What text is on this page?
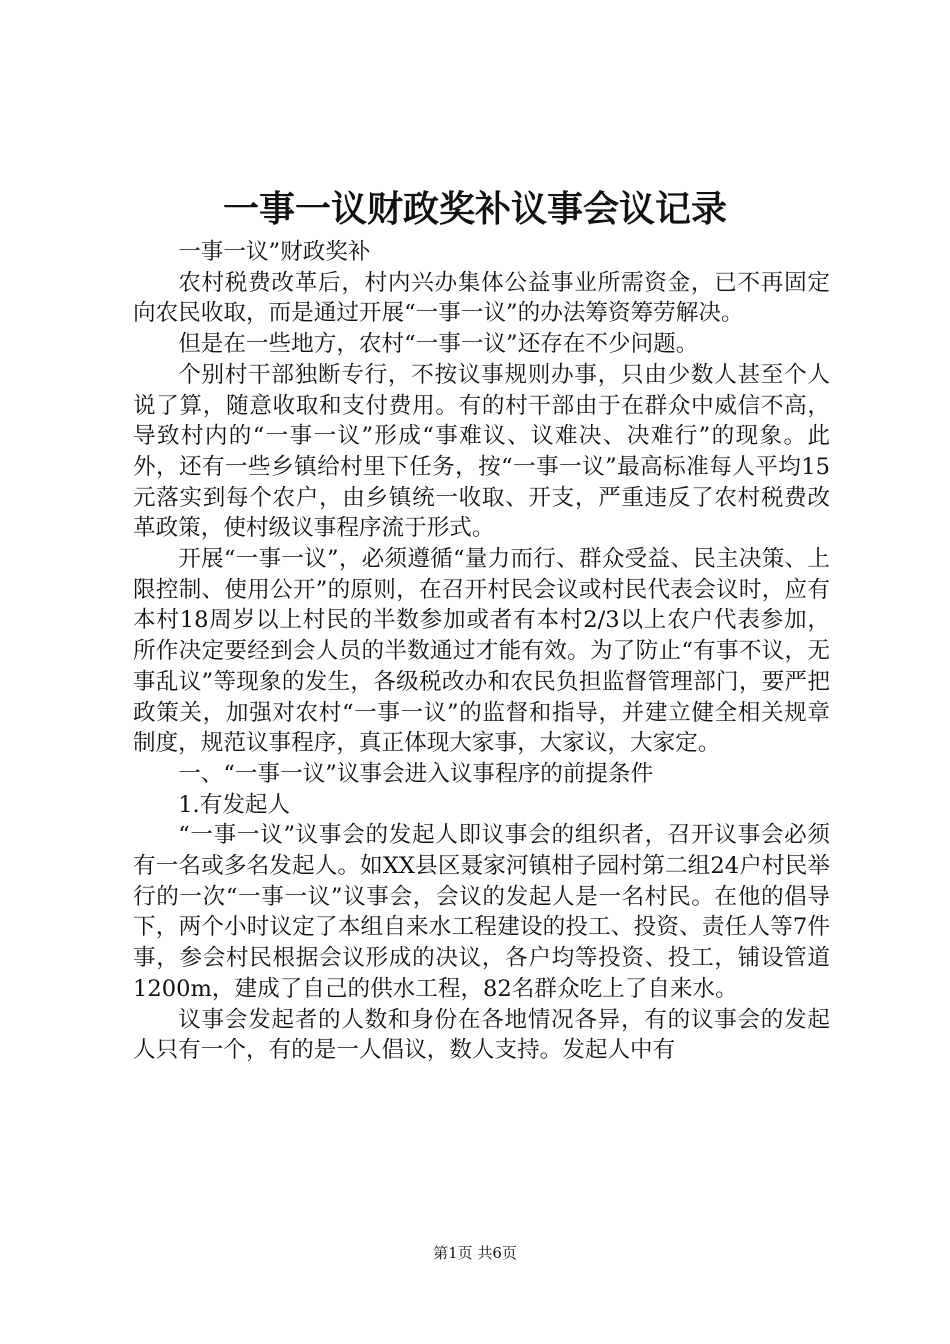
一事一议财政奖补议事会议记录

一事一议”财政奖补

农村税费改革后，村内兴办集体公益事业所需资金，已不再固定向农民收取，而是通过开展“一事一议”的办法筹资筹劳解决。

但是在一些地方，农村“一事一议”还存在不少问题。

个别村干部独断专行，不按议事规则办事，只由少数人甚至个人说了算，随意收取和支付费用。有的村干部由于在群众中威信不高，导致村内的“一事一议”形成“事难议、议难决、决难行”的现象。此外，还有一些乡镇给村里下任务，按“一事一议”最高标准每人平均15元落实到每个农户，由乡镇统一收取、开支，严重违反了农村税费改革政策，使村级议事程序流于形式。

开展“一事一议”，必须遵循“量力而行、群众受益、民主决策、上限控制、使用公开”的原则，在召开村民会议或村民代表会议时，应有本村18周岁以上村民的半数参加或者有本村2/3以上农户代表参加，所作决定要经到会人员的半数通过才能有效。为了防止“有事不议，无事乱议”等现象的发生，各级税改办和农民负担监督管理部门，要严把政策关，加强对农村“一事一议”的监督和指导，并建立健全相关规章制度，规范议事程序，真正体现大家事，大家议，大家定。

一、“一事一议”议事会进入议事程序的前提条件

1.有发起人

“一事一议”议事会的发起人即议事会的组织者，召开议事会必须有一名或多名发起人。如XX县区聂家河镇柑子园村第二组24户村民举行的一次“一事一议”议事会，会议的发起人是一名村民。在他的倡导下，两个小时议定了本组自来水工程建设的投工、投资、责任人等7件事，参会村民根据会议形成的决议，各户均等投资、投工，铺设管道1200m，建成了自己的供水工程，82名群众吃上了自来水。

议事会发起者的人数和身份在各地情况各异，有的议事会的发起人只有一个，有的是一人倡议，数人支持。发起人中有

第1页 共6页
